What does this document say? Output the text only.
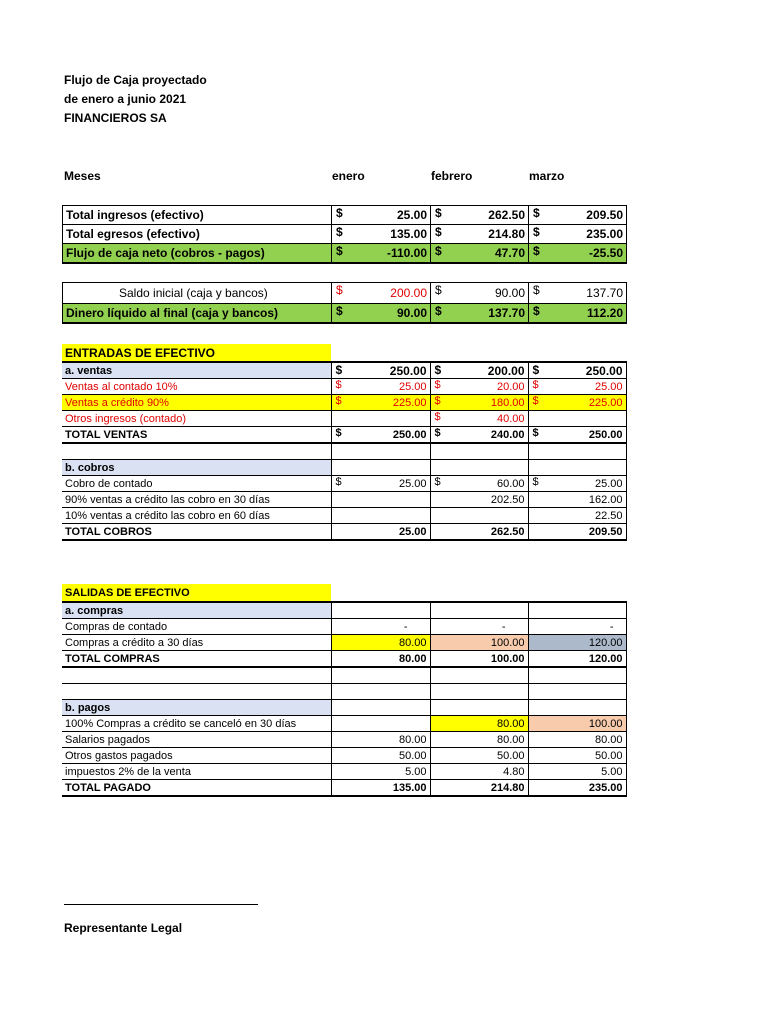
Flujo de Caja proyectado
de enero a junio 2021
FINANCIEROS SA
Meses	enero	febrero	marzo
Total ingresos (efectivo)	$ 25.00	$ 262.50	$ 209.50
Total egresos (efectivo)	$ 135.00	$ 214.80	$ 235.00
Flujo de caja neto (cobros - pagos)	$ -110.00	$ 47.70	$ -25.50

Saldo inicial (caja y bancos)	$ 200.00	$ 90.00	$ 137.70
Dinero líquido al final (caja y bancos)	$ 90.00	$ 137.70	$ 112.20
ENTRADAS DE EFECTIVO			
a. ventas	$ 250.00	$ 200.00	$ 250.00
Ventas al contado 10%	$ 25.00	$ 20.00	$ 25.00
Ventas a crédito 90%	$ 225.00	$ 180.00	$ 225.00
Otros ingresos (contado)		$ 40.00	
TOTAL VENTAS	$ 250.00	$ 240.00	$ 250.00

b. cobros			
Cobro de contado	$ 25.00	$ 60.00	$ 25.00
90% ventas a crédito las cobro en 30 días		202.50	162.00
10% ventas a crédito las cobro en 60 días			22.50
TOTAL COBROS	25.00	262.50	209.50
SALIDAS DE EFECTIVO			
a. compras			
Compras de contado	-	-	-
Compras a crédito a 30 días	80.00	100.00	120.00
TOTAL COMPRAS	80.00	100.00	120.00

b. pagos			
100% Compras a crédito se canceló en 30 días		80.00	100.00
Salarios pagados	80.00	80.00	80.00
Otros gastos pagados	50.00	50.00	50.00
impuestos 2% de la venta	5.00	4.80	5.00
TOTAL PAGADO	135.00	214.80	235.00
Representante Legal
